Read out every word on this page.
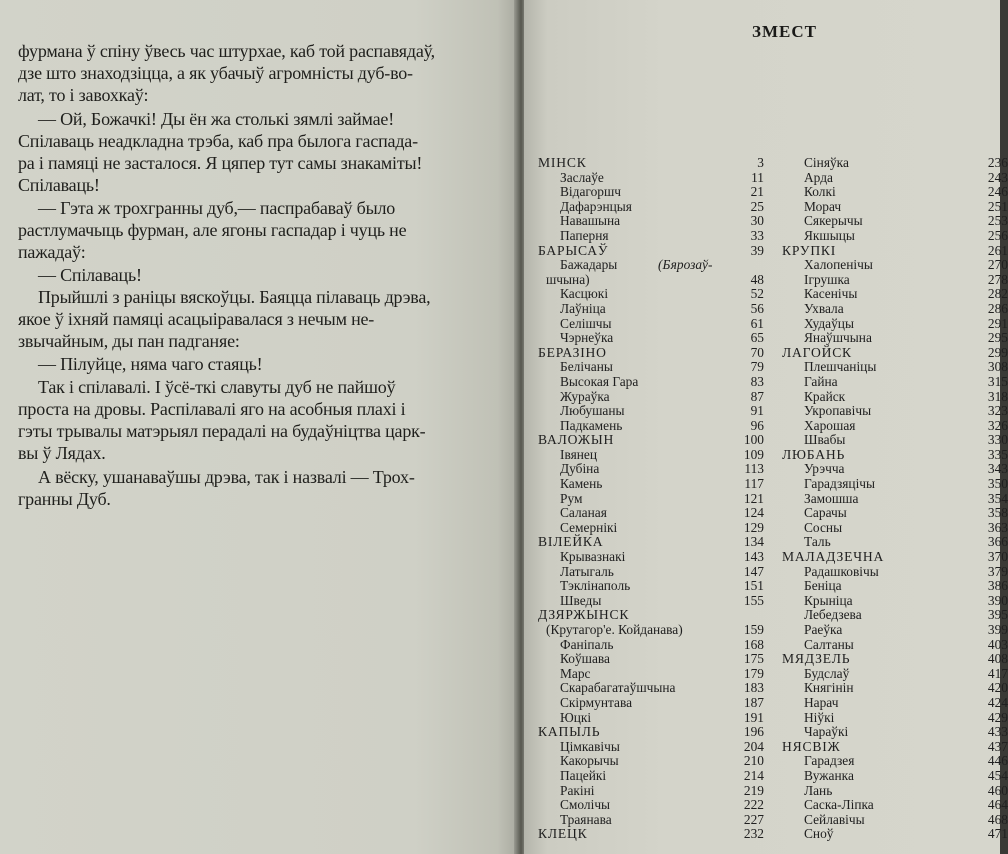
фурмана ў спіну ўвесь час штурхае, каб той распавядаў,

дзе што знаходзіцца, а як убачыў агромністы дуб-во-

лат, то і завохкаў:

— Ой, Божачкі! Ды ён жа столькі зямлі займае!

Спілаваць неадкладна трэба, каб пра былога гаспада-

ра і памяці не засталося. Я цяпер тут самы знакаміты!

Спілаваць!

— Гэта ж трохгранны дуб,— паспрабаваў было

растлумачыць фурман, але ягоны гаспадар і чуць не

пажадаў:

— Спілаваць!

Прыйшлі з раніцы вяскоўцы. Баяцца пілаваць дрэва,

якое ў іхняй памяці асацыіравалася з нечым не-

звычайным, ды пан падганяе:

— Пілуйце, няма чаго стаяць!

Так і спілавалі. І ўсё-ткі славуты дуб не пайшоў

проста на дровы. Распілавалі яго на асобныя плахі і

гэты трывалы матэрыял перадалі на будаўніцтва царк-

вы ў Лядах.

А вёску, ушанаваўшы дрэва, так і назвалі — Трох-

гранны Дуб.

ЗМЕСТ
МІНСК	3
Заслаўе	11
Відагоршч	21
Дафарэнцыя	25
Навашына	30
Паперня	33
БАРЫСАЎ	39
Бажадары	(Бярозаў-
шчына)	48
Касцюкі	52
Лаўніца	56
Селішчы	61
Чэрнеўка	65
БЕРАЗІНО	70
Белічаны	79
Высокая Гара	83
Жураўка	87
Любушаны	91
Падкамень	96
ВАЛОЖЫН	100
Івянец	109
Дубіна	113
Камень	117
Рум	121
Саланая	124
Семернікі	129
ВІЛЕЙКА	134
Крывазнакі	143
Латыгаль	147
Тэклінаполь	151
Шведы	155
ДЗЯРЖЫНСК
(Крутагор'е. Койданава)	159
Фаніпаль	168
Коўшава	175
Марс	179
Скарабагатаўшчына	183
Скірмунтава	187
Юцкі	191
КАПЫЛЬ	196
Цімкавічы	204
Какорычы	210
Пацейкі	214
Ракіні	219
Смолічы	222
Траянава	227
КЛЕЦК	232
Сіняўка	236
Арда	243
Колкі	246
Морач	251
Сякерычы	253
Якшыцы	256
КРУПКІ	261
Халопенічы	270
Ігрушка	278
Касенічы	282
Ухвала	286
Худаўцы	291
Янаўшчына	295
ЛАГОЙСК	299
Плешчаніцы	308
Гайна	315
Крайск	318
Укропавічы	323
Харошая	326
Швабы	330
ЛЮБАНЬ	335
Урэчча	343
Гарадзяцічы	350
Замошша	354
Сарачы	358
Сосны	363
Таль	366
МАЛАДЗЕЧНА	370
Радашковічы	379
Беніца	386
Крыніца	390
Лебедзева	395
Раеўка	399
Салтаны	403
МЯДЗЕЛЬ	408
Будслаў	417
Княгінін	420
Нарач	424
Ніўкі	429
Чараўкі	433
НЯСВІЖ	437
Гарадзея	446
Вужанка	454
Лань	460
Саска-Ліпка	464
Сейлавічы	468
Сноў	471
